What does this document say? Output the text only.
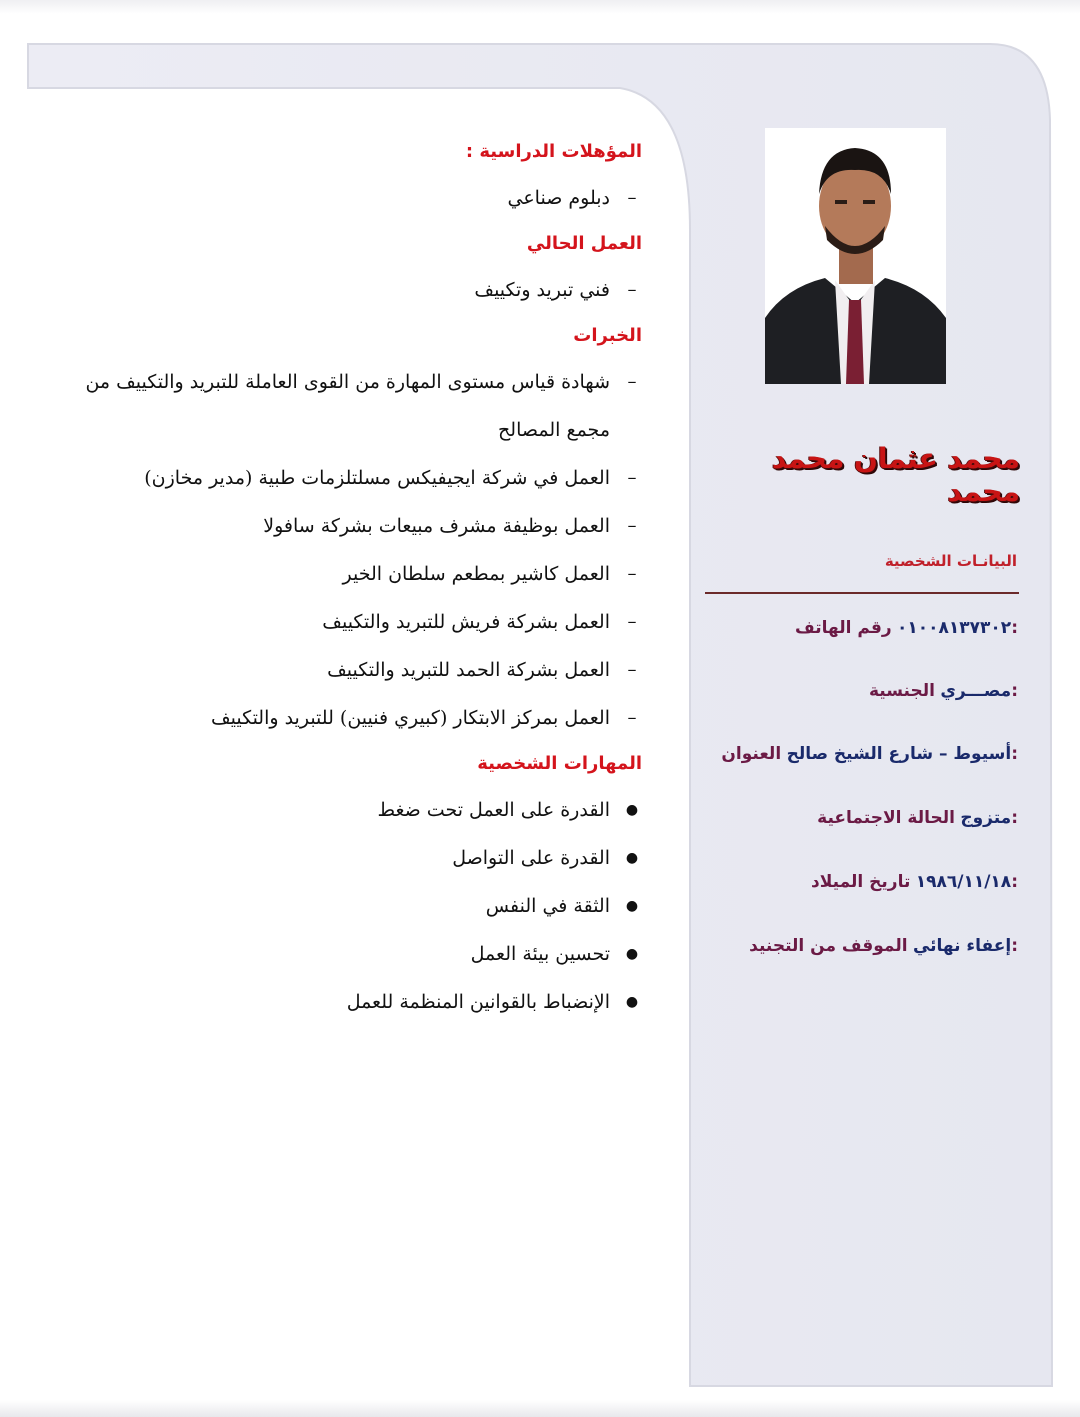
محمد عثمان محمد محمد
البيانـات الشخصية
٠١٠٠٨١٣٧٣٠٢ رقم الهاتف:
مصـــري الجنسية:
أسيوط – شارع الشيخ صالح العنوان:
متزوج الحالة الاجتماعية:
١٩٨٦/١١/١٨ تاريخ الميلاد:
إعفاء نهائي الموقف من التجنيد:
المؤهلات الدراسية :
–
دبلوم صناعي
العمل الحالي
–
فني تبريد وتكييف
الخبرات
–
شهادة قياس مستوى المهارة من القوى العاملة للتبريد والتكييف من مجمع المصالح
–
العمل في شركة ايجيفيكس مسلتلزمات طبية (مدير مخازن)
–
العمل بوظيفة مشرف مبيعات بشركة سافولا
–
العمل كاشير بمطعم سلطان الخير
–
العمل بشركة فريش للتبريد والتكييف
–
العمل بشركة الحمد للتبريد والتكييف
–
العمل بمركز الابتكار (كبيري فنيين) للتبريد والتكييف
المهارات الشخصية
●
القدرة على العمل تحت ضغط
●
القدرة على التواصل
●
الثقة في النفس
●
تحسين بيئة العمل
●
الإنضباط بالقوانين المنظمة للعمل
